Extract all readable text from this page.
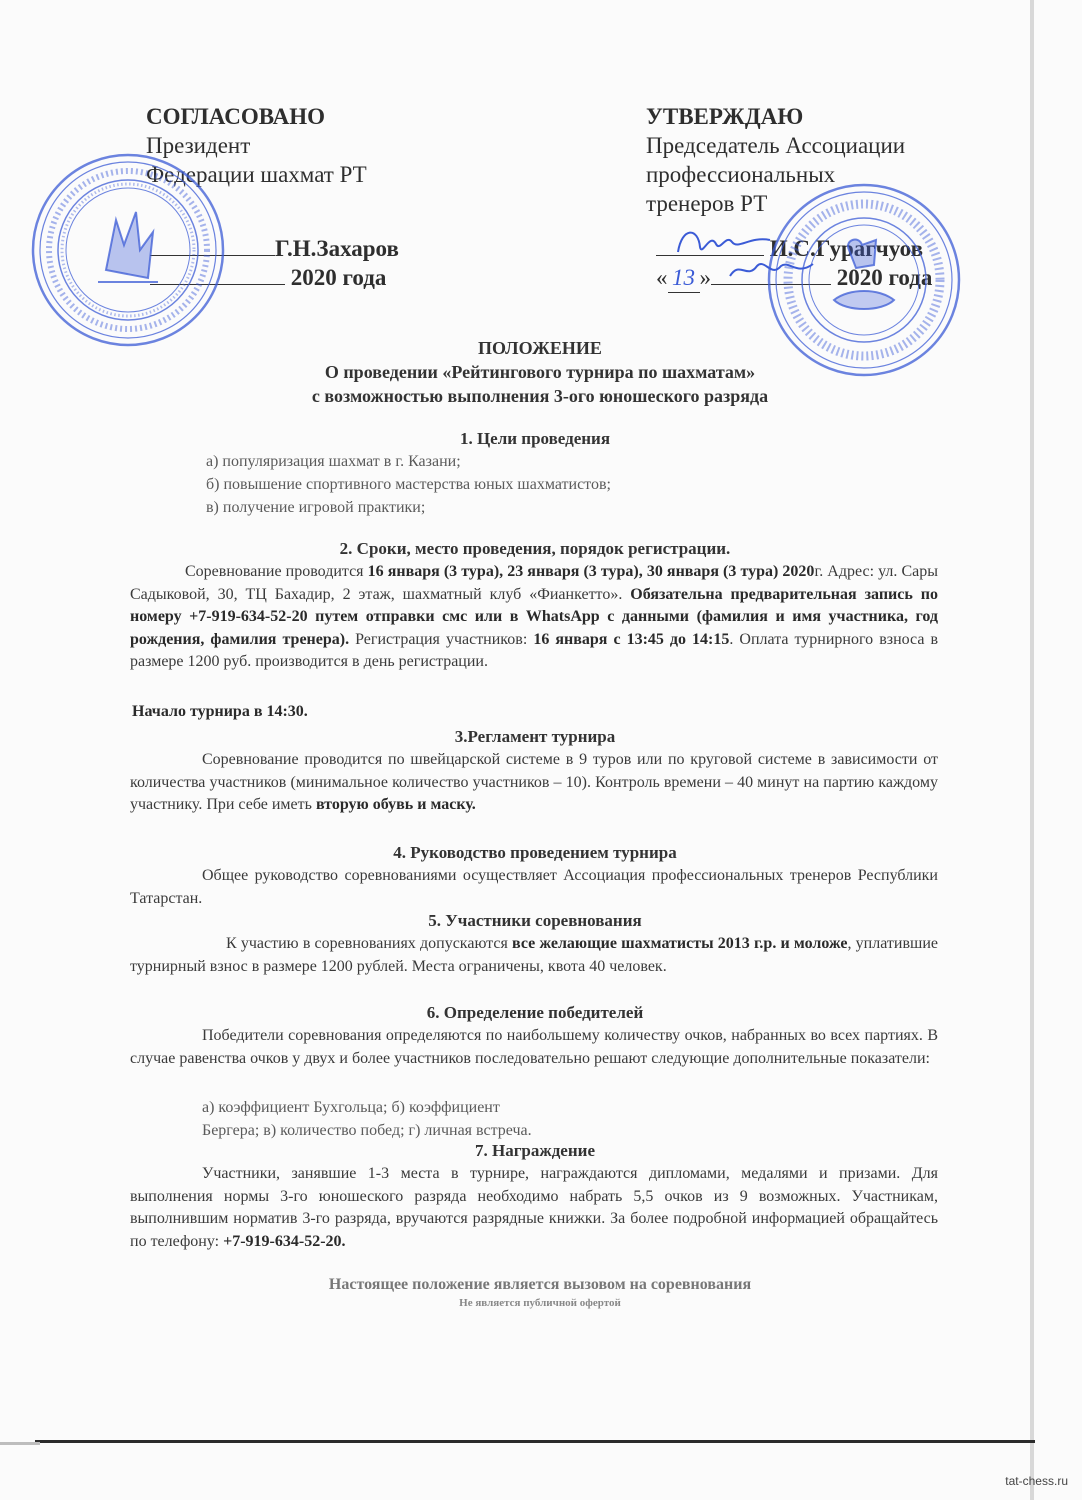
СОГЛАСОВАНО
Президент
Федерации шахмат РТ
Г.Н.Захаров
2020 года
УТВЕРЖДАЮ
Председатель Ассоциации
профессиональных
тренеров РТ
И.С.Гурагчуов
« 13 »	2020 года
ПОЛОЖЕНИЕ
О проведении «Рейтингового турнира по шахматам»
с возможностью выполнения 3-ого юношеского разряда
1. Цели проведения
а) популяризация шахмат в г. Казани;
б) повышение спортивного мастерства юных шахматистов;
в) получение игровой практики;
2. Сроки, место проведения, порядок регистрации.
Соревнование проводится 16 января (3 тура), 23 января (3 тура), 30 января (3 тура) 2020г. Адрес: ул. Сары Садыковой, 30, ТЦ Бахадир, 2 этаж, шахматный клуб «Фианкетто». Обязательна предварительная запись по номеру +7-919-634-52-20 путем отправки смс или в WhatsApp с данными (фамилия и имя участника, год рождения, фамилия тренера). Регистрация участников: 16 января с 13:45 до 14:15. Оплата турнирного взноса в размере 1200 руб. производится в день регистрации.
Начало турнира в 14:30.
3.Регламент турнира
Соревнование проводится по швейцарской системе в 9 туров или по круговой системе в зависимости от количества участников (минимальное количество участников – 10). Контроль времени – 40 минут на партию каждому участнику. При себе иметь вторую обувь и маску.
4. Руководство проведением турнира
Общее руководство соревнованиями осуществляет Ассоциация профессиональных тренеров Республики Татарстан.
5. Участники соревнования
К участию в соревнованиях допускаются все желающие шахматисты 2013 г.р. и моложе, уплатившие турнирный взнос в размере 1200 рублей. Места ограничены, квота 40 человек.
6. Определение победителей
Победители соревнования определяются по наибольшему количеству очков, набранных во всех партиях. В случае равенства очков у двух и более участников последовательно решают следующие дополнительные показатели:
а) коэффициент Бухгольца; б) коэффициент
Бергера; в) количество побед; г) личная встреча.
7. Награждение
Участники, занявшие 1-3 места в турнире, награждаются дипломами, медалями и призами. Для выполнения нормы 3-го юношеского разряда необходимо набрать 5,5 очков из 9 возможных. Участникам, выполнившим норматив 3-го разряда, вручаются разрядные книжки. За более подробной информацией обращайтесь по телефону: +7-919-634-52-20.
Настоящее положение является вызовом на соревнования
Не является публичной офертой
tat-chess.ru
